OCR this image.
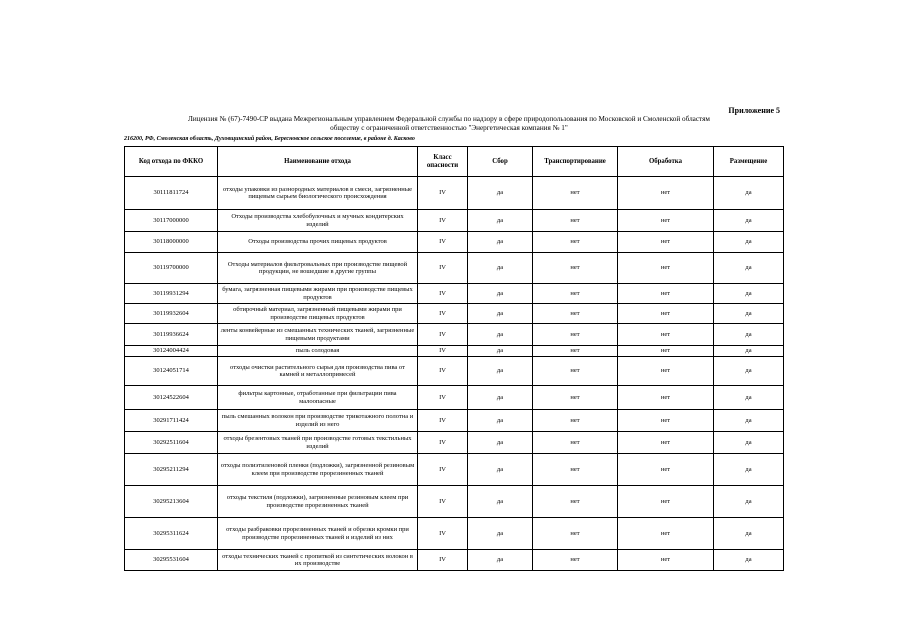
Приложение 5
Лицензия № (67)-7490-СР выдана Межрегиональным управлением Федеральной службы по надзору в сфере природопользования по Московской и Смоленской областям
обществу с ограниченной ответственностью "Энергетическая компания № 1"
216200, РФ, Смоленская область, Духовщинский район, Бересновское сельское поселение, в районе д. Касково
Код отхода по ФККО	Наименование отхода	Класс опасности	Сбор	Транспортирование	Обработка	Размещение
30111811724	отходы упаковки из разнородных материалов в смеси, загрязненные пищевым сырьем биологического происхождения	IV	да	нет	нет	да
30117000000	Отходы производства хлебобулочных и мучных кондитерских изделий	IV	да	нет	нет	да
30118000000	Отходы производства прочих пищевых продуктов	IV	да	нет	нет	да
30119700000	Отходы материалов фильтровальных при производстве пищевой продукции, не вошедшие в другие группы	IV	да	нет	нет	да
30119931294	бумага, загрязненная пищевыми жирами при производстве пищевых продуктов	IV	да	нет	нет	да
30119932604	обтирочный материал, загрязненный пищевыми жирами при производстве пищевых продуктов	IV	да	нет	нет	да
30119936624	ленты конвейерные из смешанных технических тканей, загрязненные пищевыми продуктами	IV	да	нет	нет	да
30124004424	пыль солодовая	IV	да	нет	нет	да
30124051714	отходы очистки растительного сырья для производства пива от камней и металлопримесей	IV	да	нет	нет	да
30124522604	фильтры картонные, отработанные при фильтрации пива малоопасные	IV	да	нет	нет	да
30291711424	пыль смешанных волокон при производстве трикотажного полотна и изделий из него	IV	да	нет	нет	да
30292511604	отходы брезентовых тканей при производстве готовых текстильных изделий	IV	да	нет	нет	да
30295211294	отходы полиэтиленовой пленки (подложки), загрязненной резиновым клеем при производстве прорезиненных тканей	IV	да	нет	нет	да
30295213604	отходы текстиля (подложки), загрязненные резиновым клеем при производстве прорезиненных тканей	IV	да	нет	нет	да
30295311624	отходы разбраковки прорезиненных тканей и обрезки кромки при производстве прорезиненных тканей и изделий из них	IV	да	нет	нет	да
30295531604	отходы технических тканей с пропиткой из синтетических волокон в их производстве	IV	да	нет	нет	да
